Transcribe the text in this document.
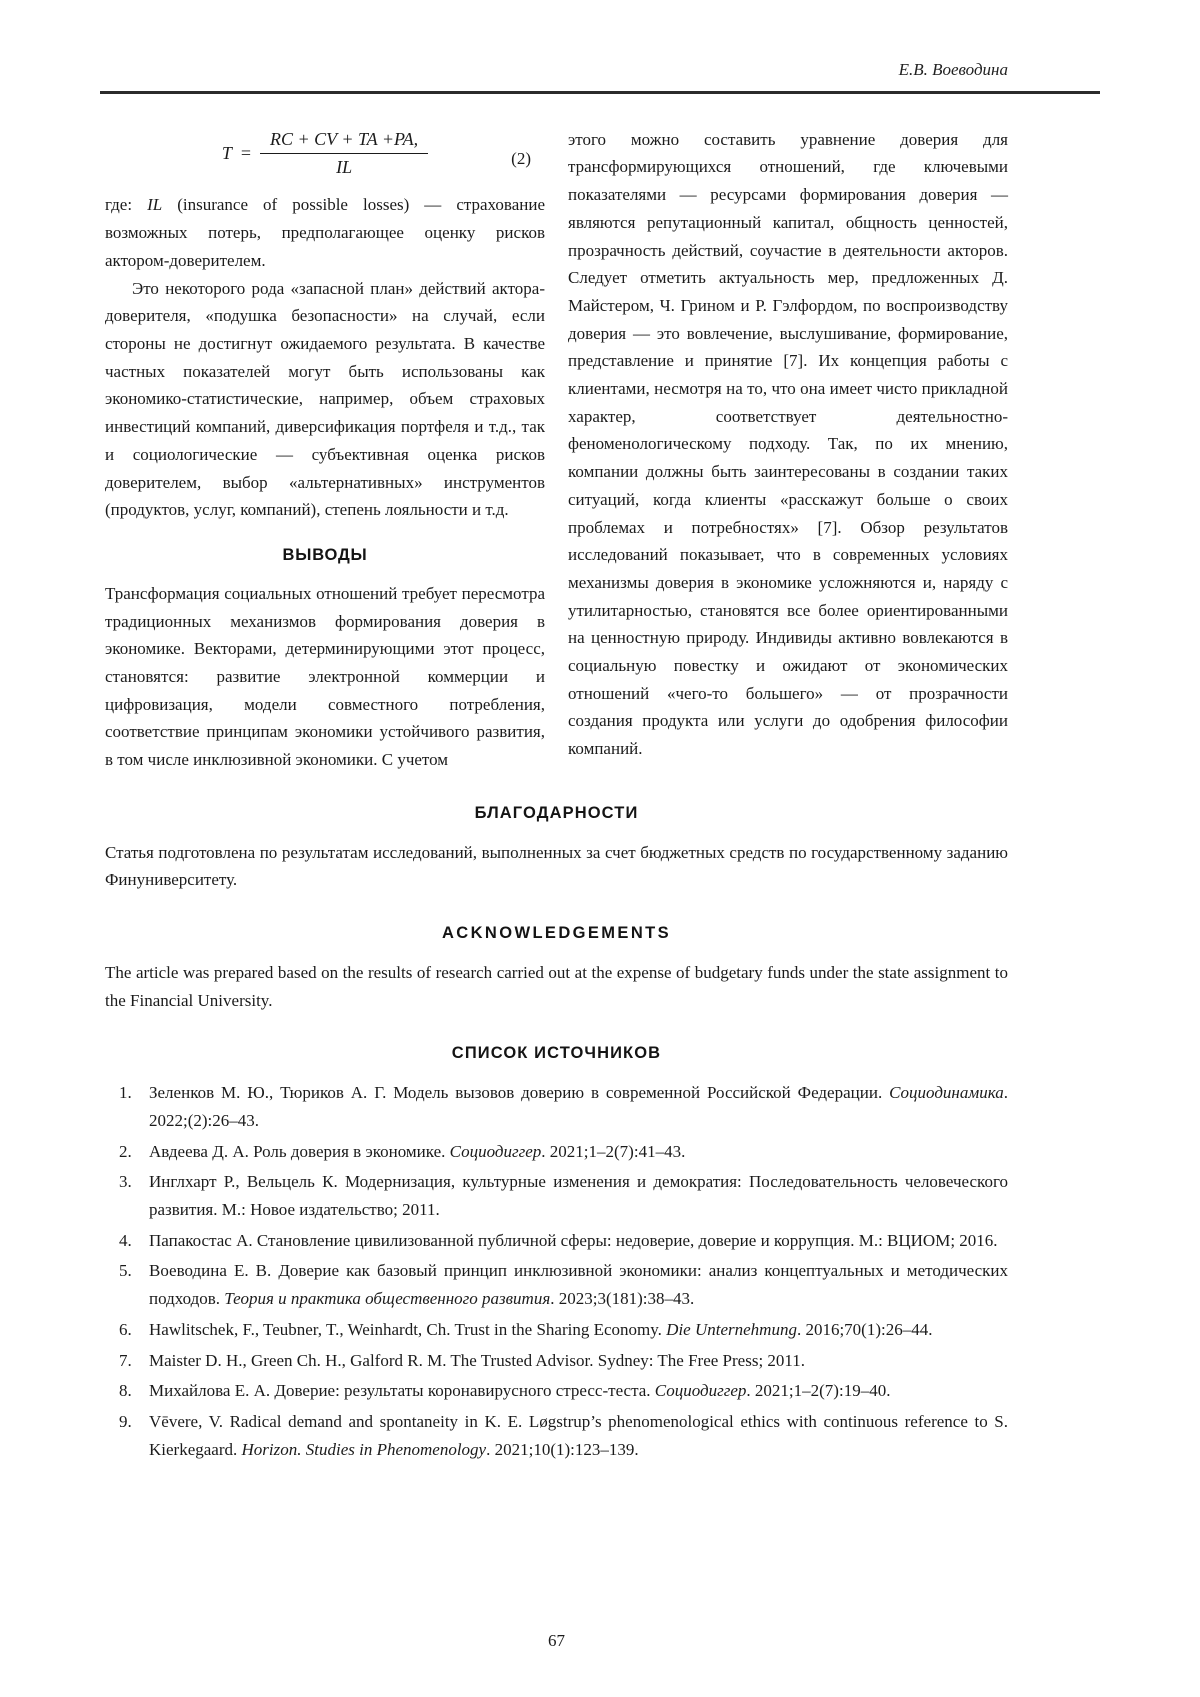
Е.В. Воеводина
$T = \frac{RC + CV + TA +PA,}{IL}$	(2)

где: IL (insurance of possible losses) — страхование возможных потерь, предполагающее оценку рисков актором-доверителем.

Это некоторого рода «запасной план» действий актора-доверителя, «подушка безопасности» на случай, если стороны не достигнут ожидаемого результата. В качестве частных показателей могут быть использованы как экономико-статистические, например, объем страховых инвестиций компаний, диверсификация портфеля и т.д., так и социологические — субъективная оценка рисков доверителем, выбор «альтернативных» инструментов (продуктов, услуг, компаний), степень лояльности и т.д.

ВЫВОДЫ

Трансформация социальных отношений требует пересмотра традиционных механизмов формирования доверия в экономике. Векторами, детерминирующими этот процесс, становятся: развитие электронной коммерции и цифровизация, модели совместного потребления, соответствие принципам экономики устойчивого развития, в том числе инклюзивной экономики. С учетом

этого можно составить уравнение доверия для трансформирующихся отношений, где ключевыми показателями — ресурсами формирования доверия — являются репутационный капитал, общность ценностей, прозрачность действий, соучастие в деятельности акторов. Следует отметить актуальность мер, предложенных Д. Майстером, Ч. Грином и Р. Гэлфордом, по воспроизводству доверия — это вовлечение, выслушивание, формирование, представление и принятие [7]. Их концепция работы с клиентами, несмотря на то, что она имеет чисто прикладной характер, соответствует деятельностно-феноменологическому подходу. Так, по их мнению, компании должны быть заинтересованы в создании таких ситуаций, когда клиенты «расскажут больше о своих проблемах и потребностях» [7]. Обзор результатов исследований показывает, что в современных условиях механизмы доверия в экономике усложняются и, наряду с утилитарностью, становятся все более ориентированными на ценностную природу. Индивиды активно вовлекаются в социальную повестку и ожидают от экономических отношений «чего-то большего» — от прозрачности создания продукта или услуги до одобрения философии компаний.

БЛАГОДАРНОСТИ

Статья подготовлена по результатам исследований, выполненных за счет бюджетных средств по государственному заданию Финуниверситету.

ACKNOWLEDGEMENTS

The article was prepared based on the results of research carried out at the expense of budgetary funds under the state assignment to the Financial University.

СПИСОК ИСТОЧНИКОВ
1. Зеленков М. Ю., Тюриков А. Г. Модель вызовов доверию в современной Российской Федерации. Социодинамика. 2022;(2):26–43.
2. Авдеева Д. А. Роль доверия в экономике. Социодиггер. 2021;1–2(7):41–43.
3. Инглхарт Р., Вельцель К. Модернизация, культурные изменения и демократия: Последовательность человеческого развития. М.: Новое издательство; 2011.
4. Папакостас А. Становление цивилизованной публичной сферы: недоверие, доверие и коррупция. М.: ВЦИОМ; 2016.
5. Воеводина Е. В. Доверие как базовый принцип инклюзивной экономики: анализ концептуальных и методических подходов. Теория и практика общественного развития. 2023;3(181):38–43.
6. Hawlitschek, F., Teubner, T., Weinhardt, Ch. Trust in the Sharing Economy. Die Unternehmung. 2016;70(1):26–44.
7. Maister D. H., Green Ch. H., Galford R. M. The Trusted Advisor. Sydney: The Free Press; 2011.
8. Михайлова Е. А. Доверие: результаты коронавирусного стресс-теста. Социодиггер. 2021;1–2(7):19–40.
9. Vēvere, V. Radical demand and spontaneity in K. E. Løgstrup’s phenomenological ethics with continuous reference to S. Kierkegaard. Horizon. Studies in Phenomenology. 2021;10(1):123–139.
67
